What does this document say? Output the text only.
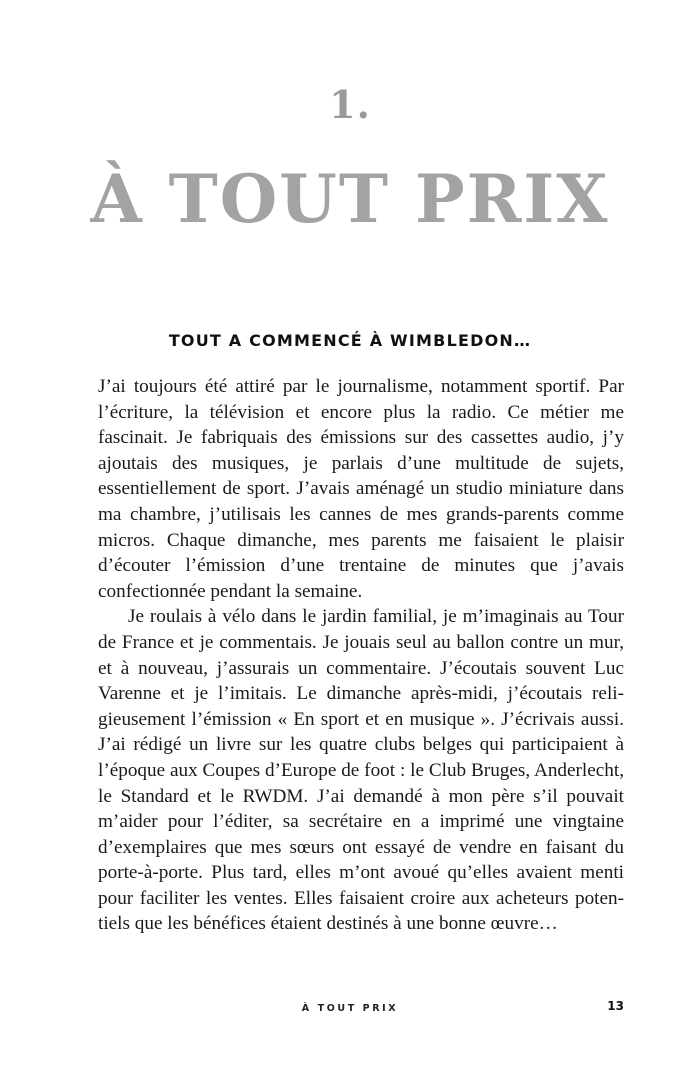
1.
À TOUT PRIX
TOUT A COMMENCÉ À WIMBLEDON…

J’ai toujours été attiré par le journalisme, notamment sportif. Par l’écriture, la télévision et encore plus la radio. Ce métier me fascinait. Je fabriquais des émissions sur des cassettes audio, j’y ajoutais des musiques, je parlais d’une multitude de sujets, essentiellement de sport. J’avais aménagé un studio miniature dans ma chambre, j’utilisais les cannes de mes grands-parents comme micros. Chaque dimanche, mes parents me faisaient le plaisir d’écouter l’émission d’une trentaine de minutes que j’avais confectionnée pendant la semaine.

Je roulais à vélo dans le jardin familial, je m’imaginais au Tour de France et je commentais. Je jouais seul au ballon contre un mur, et à nouveau, j’assurais un commentaire. J’écoutais souvent Luc Varenne et je l’imitais. Le dimanche après-midi, j’écoutais religieusement l’émission « En sport et en musique ». J’écrivais aussi. J’ai rédigé un livre sur les quatre clubs belges qui participaient à l’époque aux Coupes d’Europe de foot : le Club Bruges, Anderlecht, le Standard et le RWDM. J’ai demandé à mon père s’il pouvait m’aider pour l’éditer, sa secrétaire en a imprimé une vingtaine d’exemplaires que mes sœurs ont essayé de vendre en faisant du porte-à-porte. Plus tard, elles m’ont avoué qu’elles avaient menti pour faciliter les ventes. Elles faisaient croire aux acheteurs potentiels que les bénéfices étaient destinés à une bonne œuvre…

À TOUT PRIX	13
